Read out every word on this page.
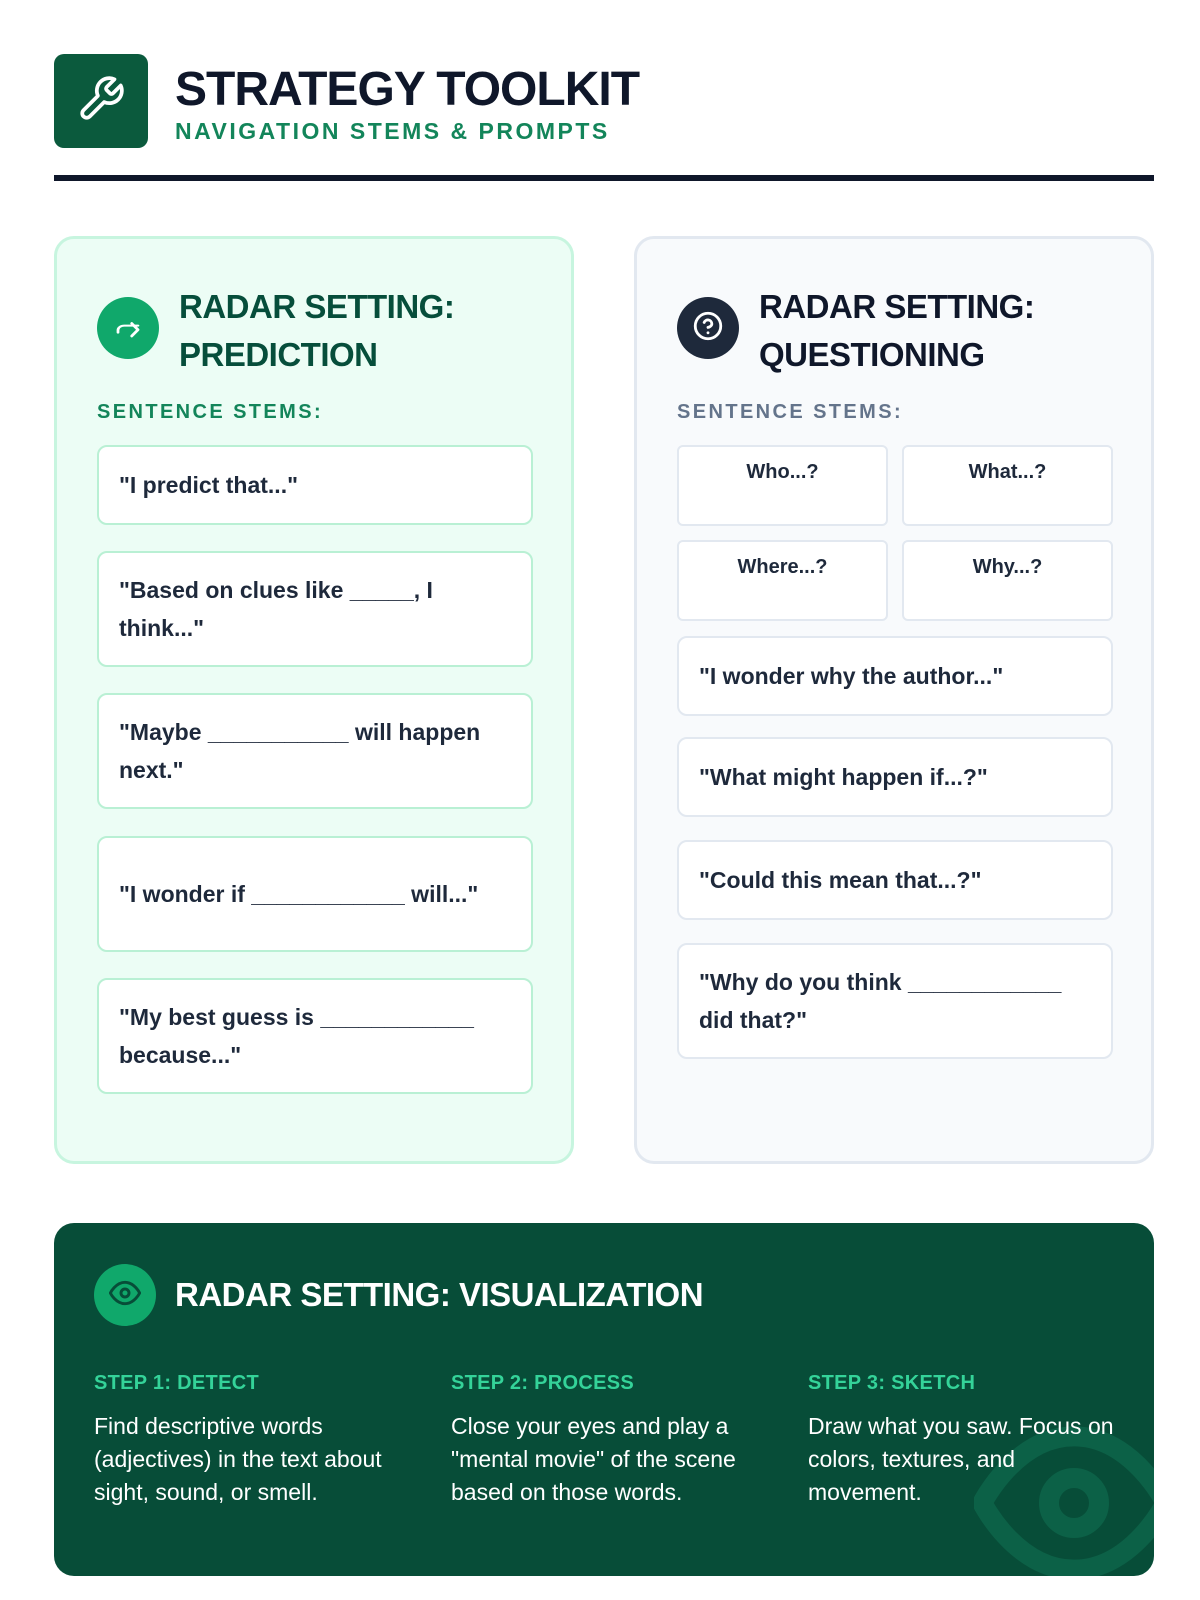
STRATEGY TOOLKIT
NAVIGATION STEMS & PROMPTS
RADAR SETTING:
PREDICTION
SENTENCE STEMS:
"I predict that..."
"Based on clues like _____, I think..."
"Maybe ___________ will happen next."
"I wonder if ____________ will..."
"My best guess is ____________ because..."
RADAR SETTING:
QUESTIONING
SENTENCE STEMS:
Who...?	What...?
Where...?	Why...?
"I wonder why the author..."
"What might happen if...?"
"Could this mean that...?"
"Why do you think ____________ did that?"
RADAR SETTING: VISUALIZATION
STEP 1: DETECT
Find descriptive words (adjectives) in the text about sight, sound, or smell.
STEP 2: PROCESS
Close your eyes and play a "mental movie" of the scene based on those words.
STEP 3: SKETCH
Draw what you saw. Focus on colors, textures, and movement.
